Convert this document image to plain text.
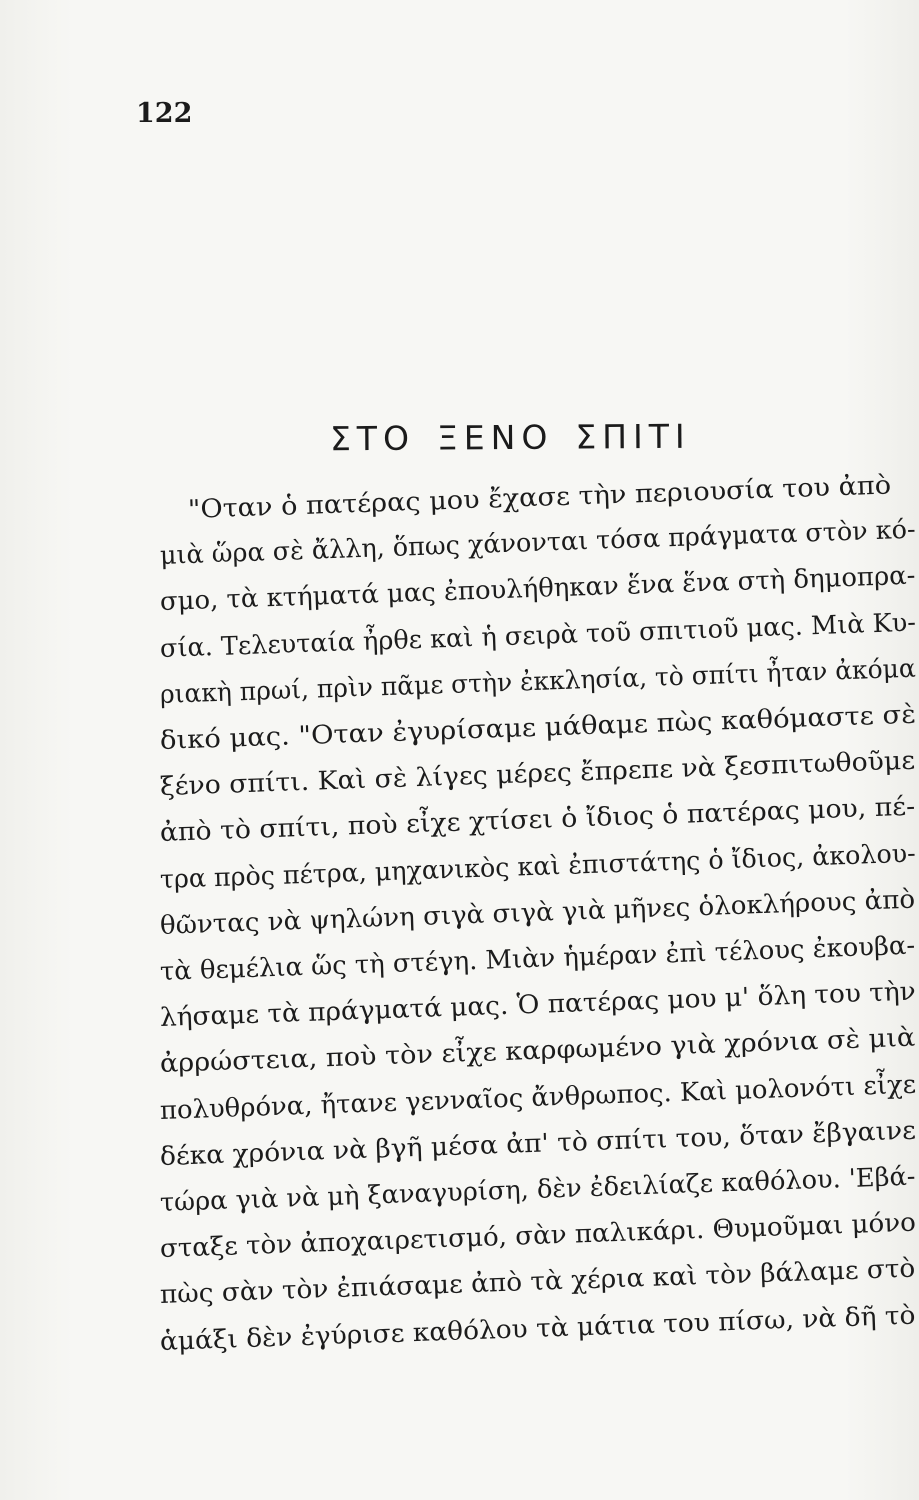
122
ΣΤΟ ΞΕΝΟ ΣΠΙΤΙ
"Οταν ὁ πατέρας μου ἔχασε τὴν περιουσία του ἀπὸ
μιὰ ὥρα σὲ ἄλλη, ὅπως χάνονται τόσα πράγματα στὸν κό-
σμο, τὰ κτήματά μας ἐπουλήθηκαν ἕνα ἕνα στὴ δημοπρα-
σία. Τελευταία ἦρθε καὶ ἡ σειρὰ τοῦ σπιτιοῦ μας. Μιὰ Κυ-
ριακὴ πρωί, πρὶν πᾶμε στὴν ἐκκλησία, τὸ σπίτι ἦταν ἀκόμα
δικό μας. "Οταν ἐγυρίσαμε μάθαμε πὼς καθόμαστε σὲ
ξένο σπίτι. Καὶ σὲ λίγες μέρες ἔπρεπε νὰ ξεσπιτωθοῦμε
ἀπὸ τὸ σπίτι, ποὺ εἶχε χτίσει ὁ ἴδιος ὁ πατέρας μου, πέ-
τρα πρὸς πέτρα, μηχανικὸς καὶ ἐπιστάτης ὁ ἴδιος, ἀκολου-
θῶντας νὰ ψηλώνη σιγὰ σιγὰ γιὰ μῆνες ὁλοκλήρους ἀπὸ
τὰ θεμέλια ὥς τὴ στέγη. Μιὰν ἡμέραν ἐπὶ τέλους ἐκουβα-
λήσαμε τὰ πράγματά μας. Ὁ πατέρας μου μ' ὅλη του τὴν
ἀρρώστεια, ποὺ τὸν εἶχε καρφωμένο γιὰ χρόνια σὲ μιὰ
πολυθρόνα, ἤτανε γενναῖος ἄνθρωπος. Καὶ μολονότι εἶχε
δέκα χρόνια νὰ βγῆ μέσα ἀπ' τὸ σπίτι του, ὅταν ἔβγαινε
τώρα γιὰ νὰ μὴ ξαναγυρίση, δὲν ἐδειλίαζε καθόλου. 'Εβά-
σταξε τὸν ἀποχαιρετισμό, σὰν παλικάρι. Θυμοῦμαι μόνο
πὼς σὰν τὸν ἐπιάσαμε ἀπὸ τὰ χέρια καὶ τὸν βάλαμε στὸ
ἁμάξι δὲν ἐγύρισε καθόλου τὰ μάτια του πίσω, νὰ δῆ τὸ
